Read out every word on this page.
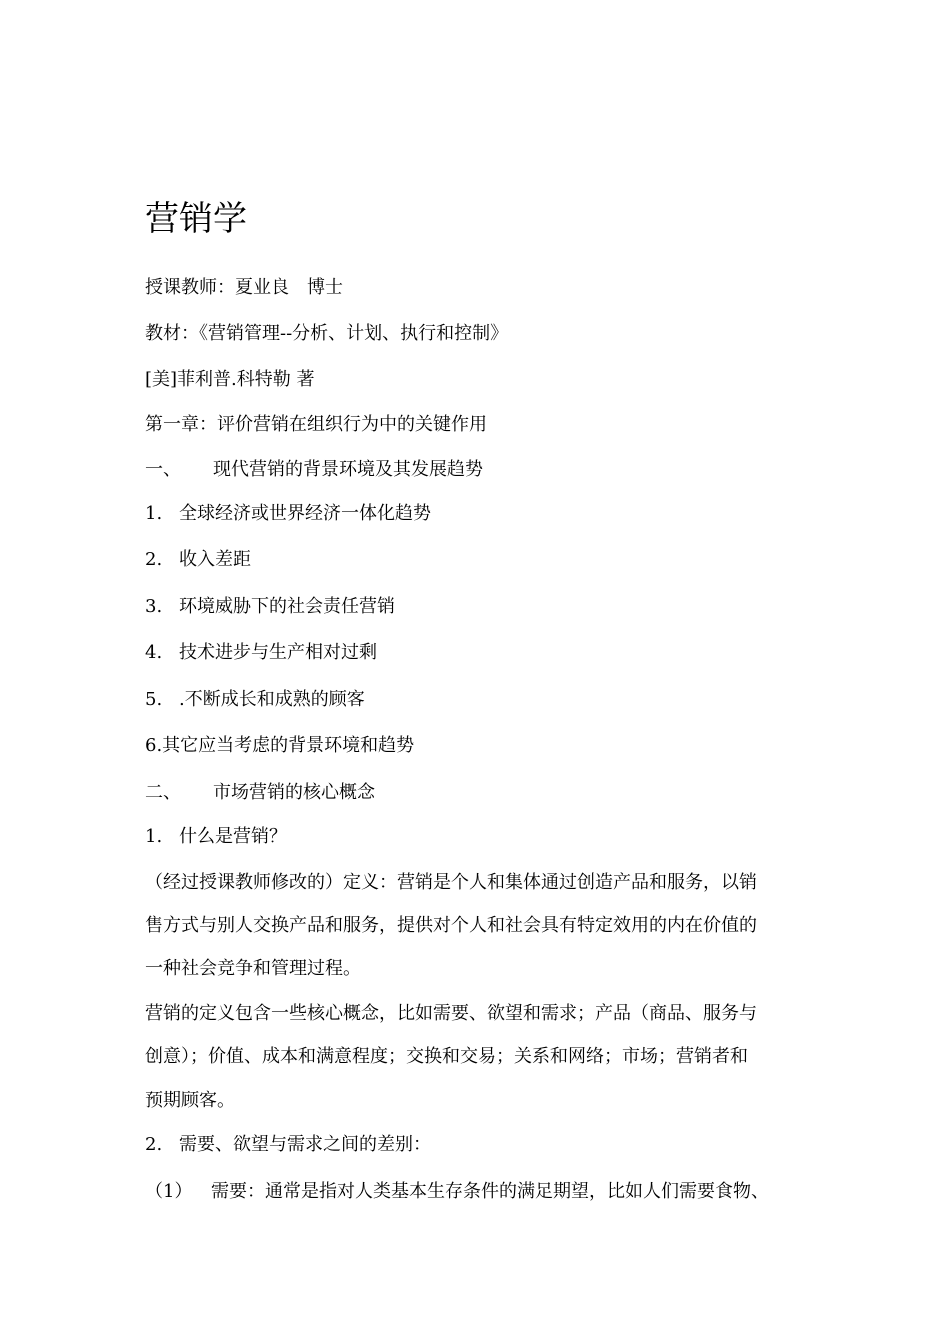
营销学
授课教师：夏业良　博士
教材：《营销管理--分析、计划、执行和控制》
[美]菲利普.科特勒 著
第一章：评价营销在组织行为中的关键作用
一、 现代营销的背景环境及其发展趋势
1. 全球经济或世界经济一体化趋势
2. 收入差距
3. 环境威胁下的社会责任营销
4. 技术进步与生产相对过剩
5. .不断成长和成熟的顾客
6.其它应当考虑的背景环境和趋势
二、 市场营销的核心概念
1. 什么是营销？
（经过授课教师修改的）定义：营销是个人和集体通过创造产品和服务，以销
售方式与别人交换产品和服务，提供对个人和社会具有特定效用的内在价值的
一种社会竞争和管理过程。
营销的定义包含一些核心概念，比如需要、欲望和需求；产品（商品、服务与
创意）；价值、成本和满意程度；交换和交易；关系和网络；市场；营销者和
预期顾客。
2. 需要、欲望与需求之间的差别：
（1） 需要：通常是指对人类基本生存条件的满足期望，比如人们需要食物、
